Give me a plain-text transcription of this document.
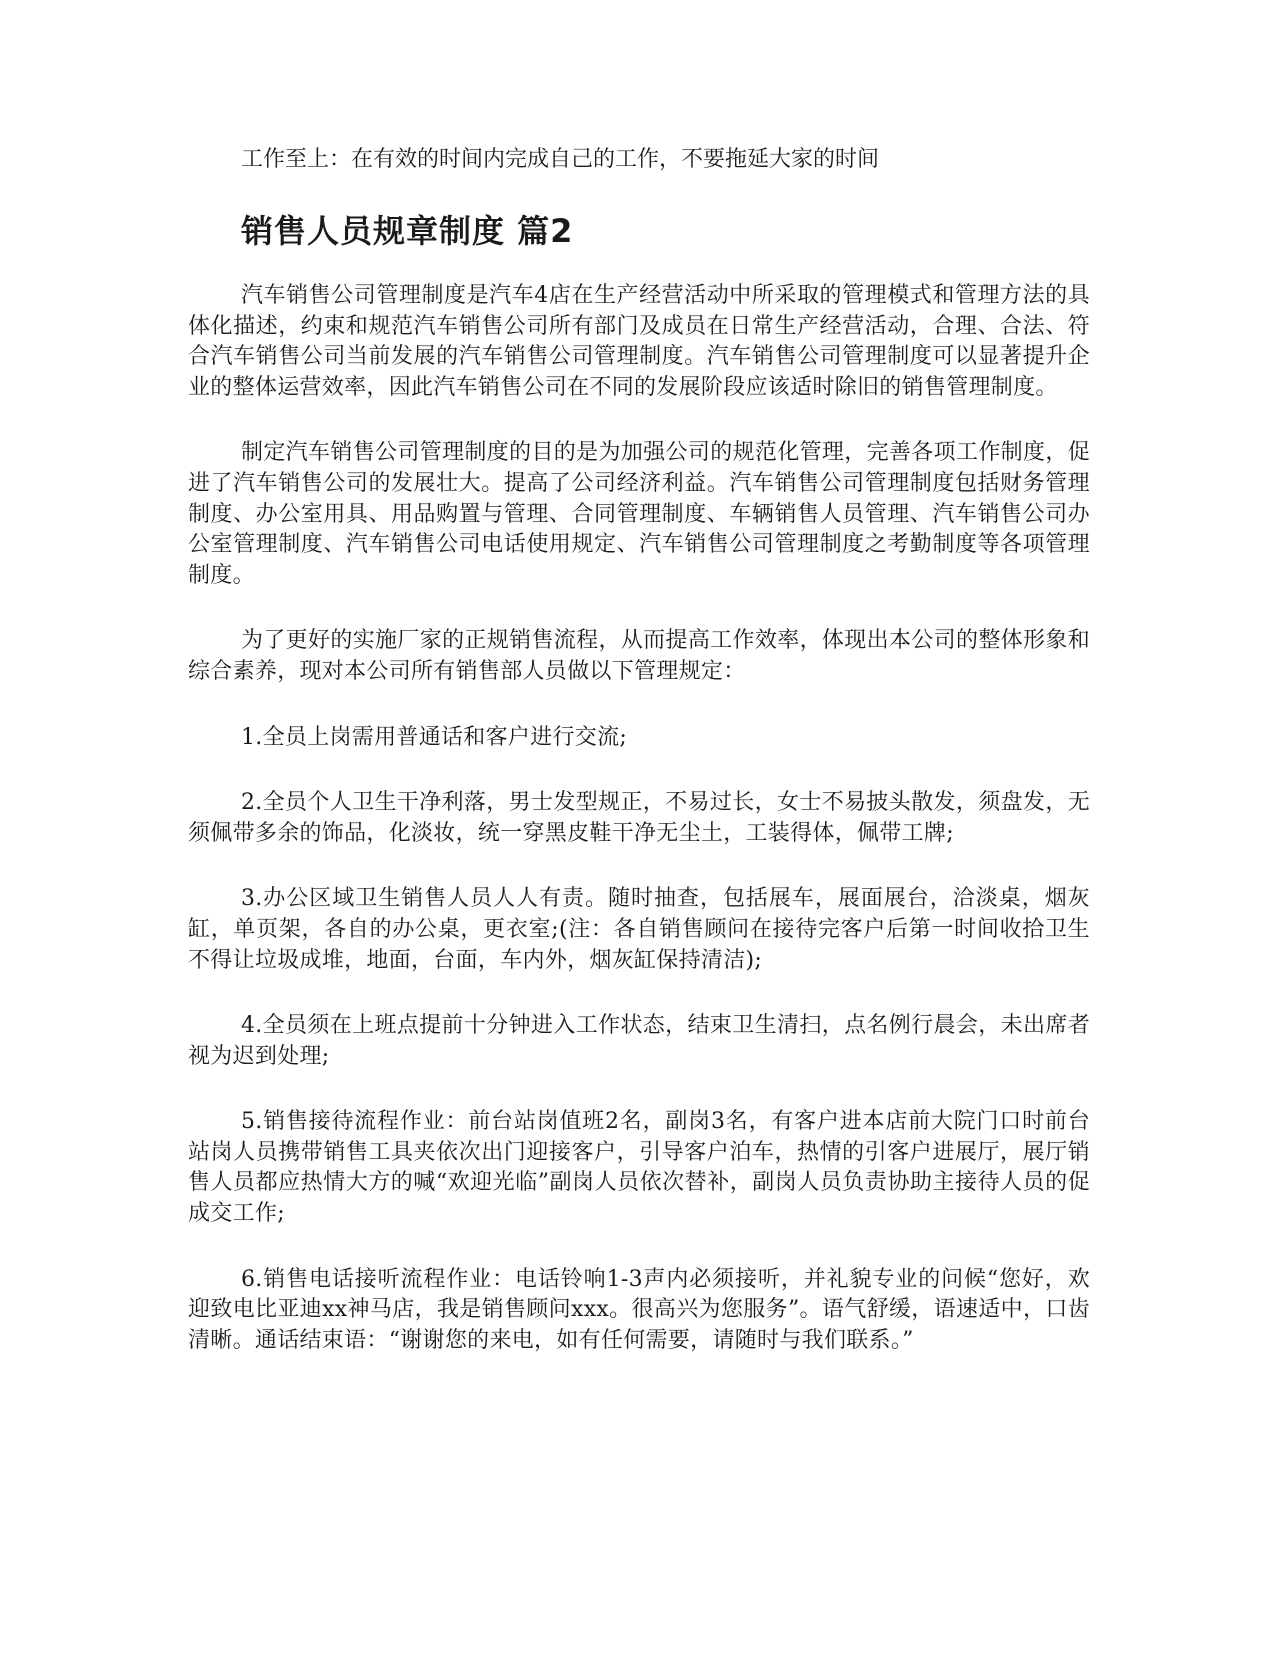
工作至上：在有效的时间内完成自己的工作，不要拖延大家的时间

销售人员规章制度 篇2

汽车销售公司管理制度是汽车4店在生产经营活动中所采取的管理模式和管理方法的具体化描述，约束和规范汽车销售公司所有部门及成员在日常生产经营活动，合理、合法、符合汽车销售公司当前发展的汽车销售公司管理制度。汽车销售公司管理制度可以显著提升企业的整体运营效率，因此汽车销售公司在不同的发展阶段应该适时除旧的销售管理制度。

制定汽车销售公司管理制度的目的是为加强公司的规范化管理，完善各项工作制度，促进了汽车销售公司的发展壮大。提高了公司经济利益。汽车销售公司管理制度包括财务管理制度、办公室用具、用品购置与管理、合同管理制度、车辆销售人员管理、汽车销售公司办公室管理制度、汽车销售公司电话使用规定、汽车销售公司管理制度之考勤制度等各项管理制度。

为了更好的实施厂家的正规销售流程，从而提高工作效率，体现出本公司的整体形象和综合素养，现对本公司所有销售部人员做以下管理规定：

1.全员上岗需用普通话和客户进行交流;

2.全员个人卫生干净利落，男士发型规正，不易过长，女士不易披头散发，须盘发，无须佩带多余的饰品，化淡妆，统一穿黑皮鞋干净无尘土，工装得体，佩带工牌;

3.办公区域卫生销售人员人人有责。随时抽查，包括展车，展面展台，洽淡桌，烟灰缸，单页架，各自的办公桌，更衣室;(注：各自销售顾问在接待完客户后第一时间收拾卫生不得让垃圾成堆，地面，台面，车内外，烟灰缸保持清洁);

4.全员须在上班点提前十分钟进入工作状态，结束卫生清扫，点名例行晨会，未出席者视为迟到处理;

5.销售接待流程作业：前台站岗值班2名，副岗3名，有客户进本店前大院门口时前台站岗人员携带销售工具夹依次出门迎接客户，引导客户泊车，热情的引客户进展厅，展厅销售人员都应热情大方的喊“欢迎光临”副岗人员依次替补，副岗人员负责协助主接待人员的促成交工作;

6.销售电话接听流程作业：电话铃响1-3声内必须接听，并礼貌专业的问候“您好，欢迎致电比亚迪xx神马店，我是销售顾问xxx。很高兴为您服务”。语气舒缓，语速适中，口齿清晰。通话结束语：“谢谢您的来电，如有任何需要，请随时与我们联系。”
